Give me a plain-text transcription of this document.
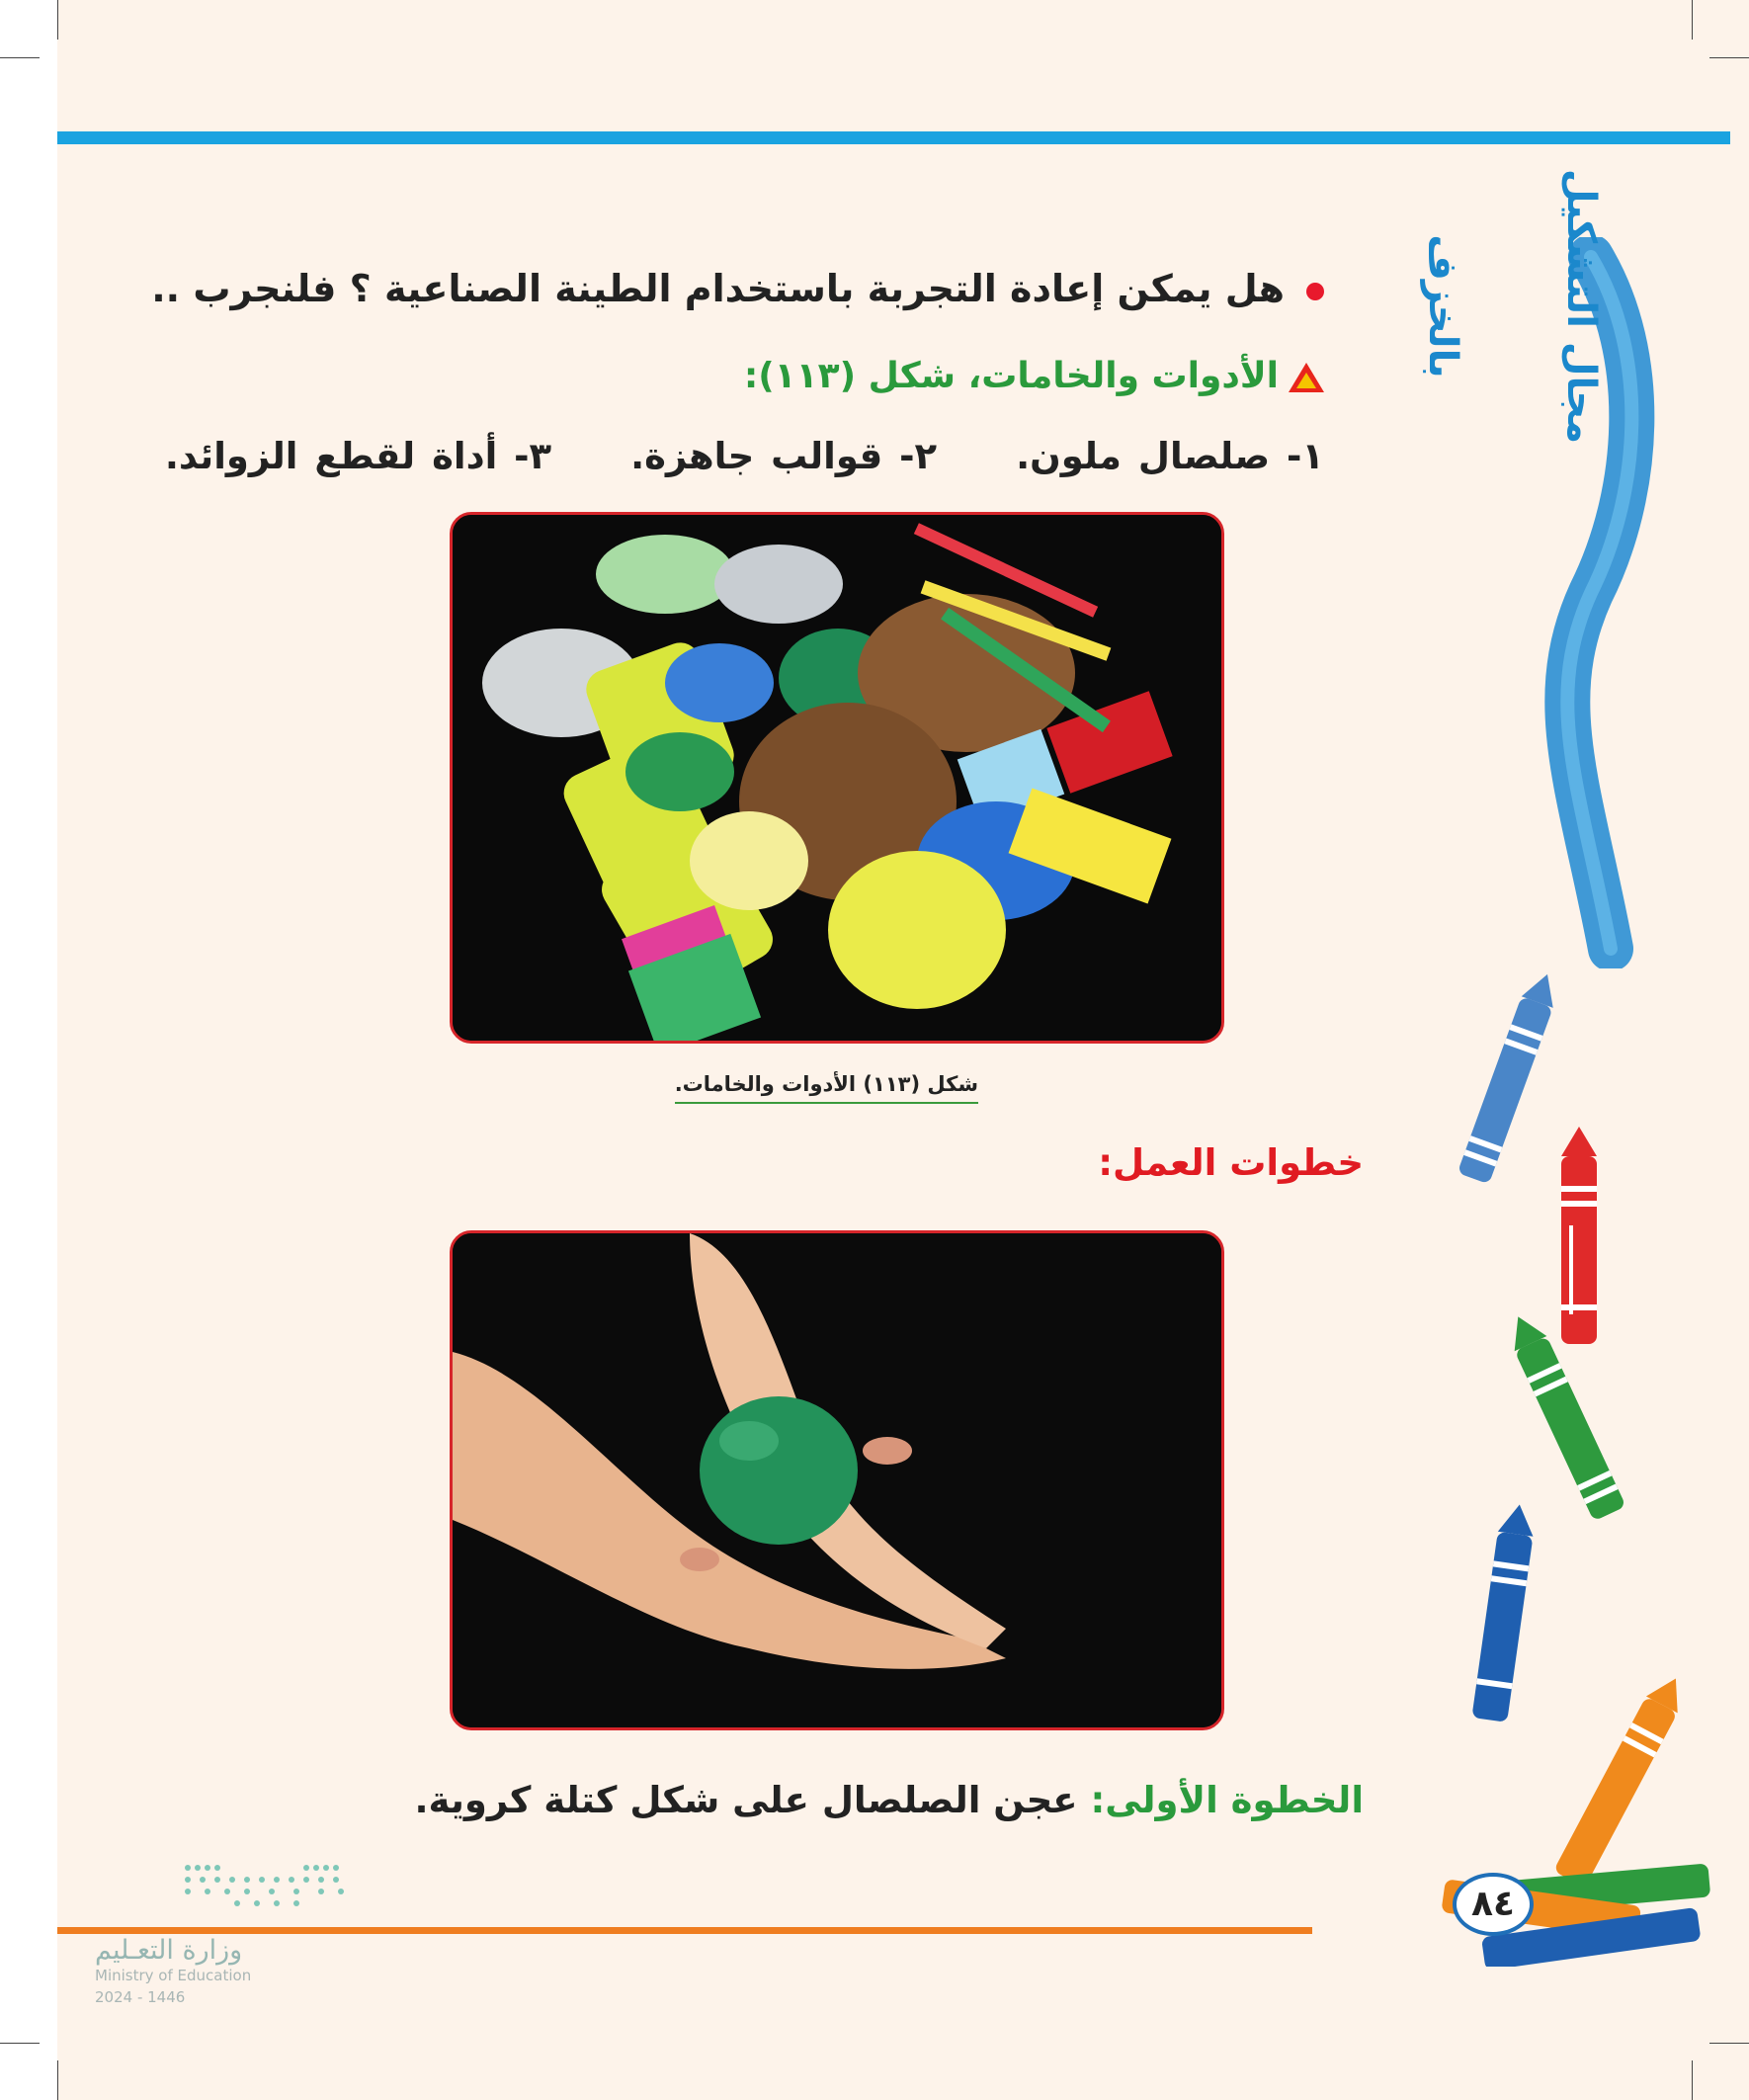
مجال التشكيل بالخزف
٨٤
هل يمكن إعادة التجربة باستخدام الطينة الصناعية ؟ فلنجرب ..
الأدوات والخامات، شكل (١١٣):
١- صلصال ملون.٢- قوالب جاهزة.٣- أداة لقطع الزوائد.
شكل (١١٣) الأدوات والخامات.
خطوات العمل:
الخطوة الأولى: عجن الصلصال على شكل كتلة كروية.
وزارة التعـليم
Ministry of Education
2024 - 1446
